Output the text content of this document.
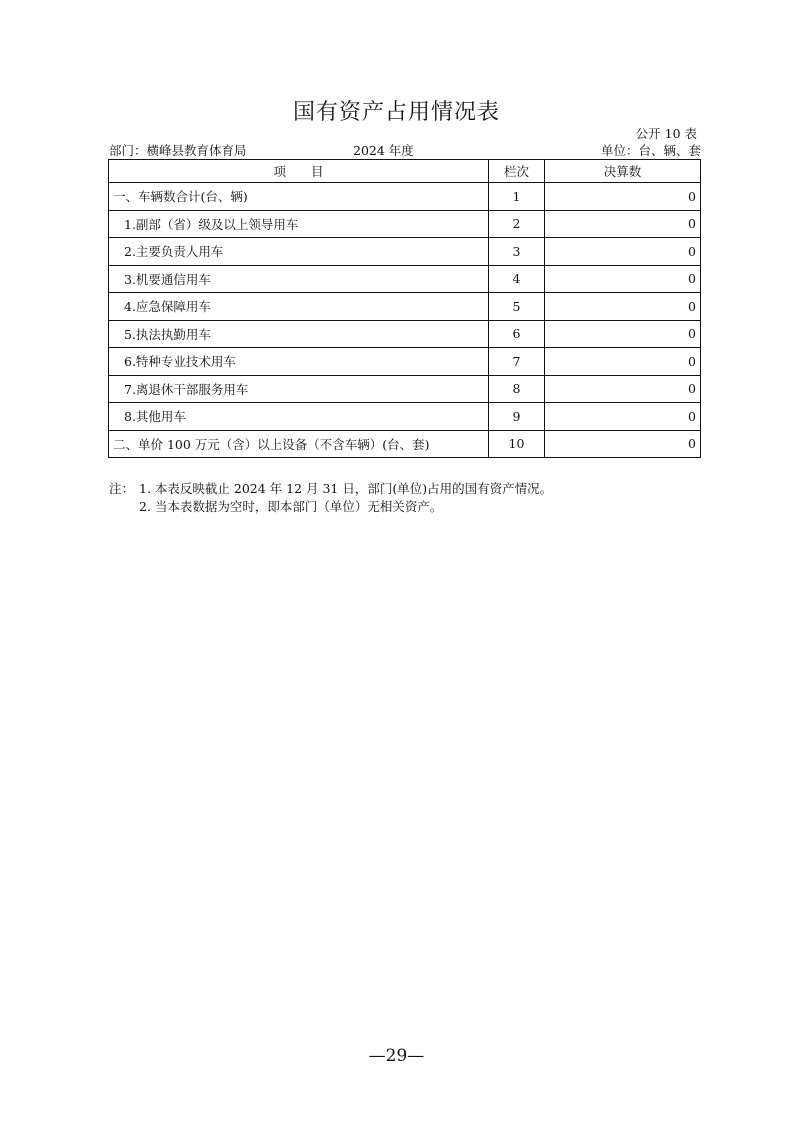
国有资产占用情况表
公开 10 表
部门：横峰县教育体育局	2024 年度	单位：台、辆、套
项　　目	栏次	决算数
一、车辆数合计(台、辆)	1	0
1.副部（省）级及以上领导用车	2	0
2.主要负责人用车	3	0
3.机要通信用车	4	0
4.应急保障用车	5	0
5.执法执勤用车	6	0
6.特种专业技术用车	7	0
7.离退休干部服务用车	8	0
8.其他用车	9	0
二、单价 100 万元（含）以上设备（不含车辆）(台、套)	10	0
注： 1. 本表反映截止 2024 年 12 月 31 日，部门(单位)占用的国有资产情况。
2. 当本表数据为空时，即本部门（单位）无相关资产。
—29—
